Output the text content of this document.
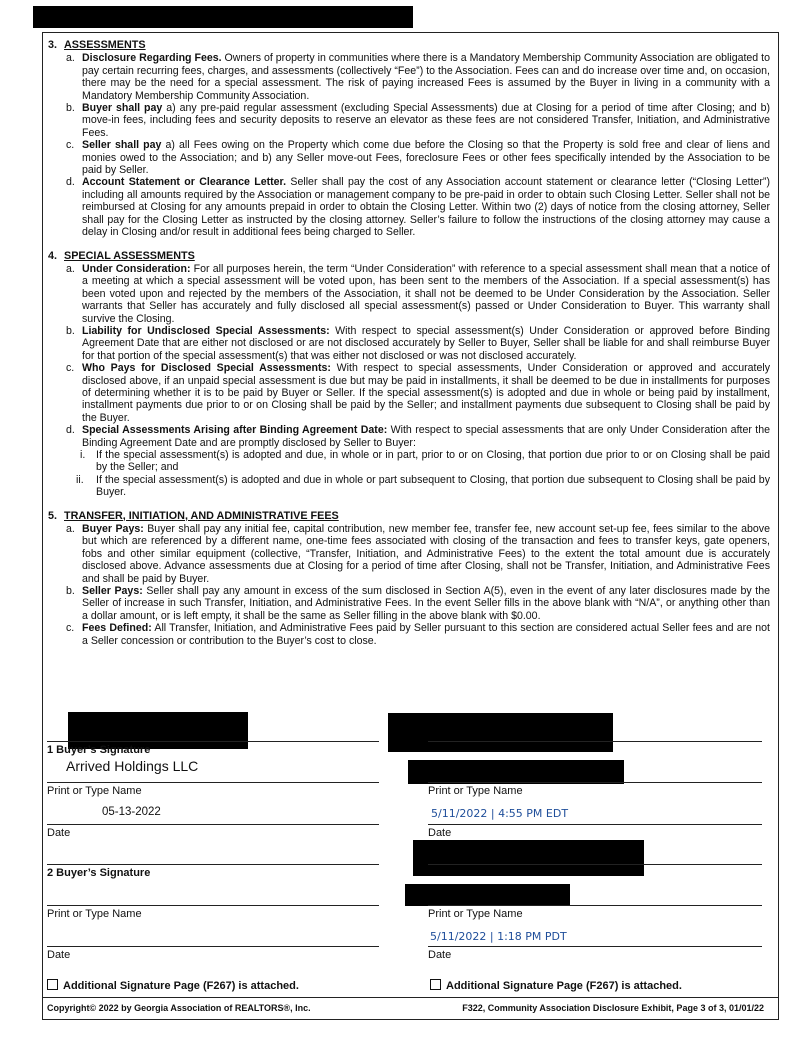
3. ASSESSMENTS
a. Disclosure Regarding Fees. Owners of property in communities where there is a Mandatory Membership Community Association are obligated to pay certain recurring fees, charges, and assessments (collectively “Fee”) to the Association. Fees can and do increase over time and, on occasion, there may be the need for a special assessment. The risk of paying increased Fees is assumed by the Buyer in living in a community with a Mandatory Membership Community Association.
b. Buyer shall pay a) any pre-paid regular assessment (excluding Special Assessments) due at Closing for a period of time after Closing; and b) move-in fees, including fees and security deposits to reserve an elevator as these fees are not considered Transfer, Initiation, and Administrative Fees.
c. Seller shall pay a) all Fees owing on the Property which come due before the Closing so that the Property is sold free and clear of liens and monies owed to the Association; and b) any Seller move-out Fees, foreclosure Fees or other fees specifically intended by the Association to be paid by Seller.
d. Account Statement or Clearance Letter. Seller shall pay the cost of any Association account statement or clearance letter (“Closing Letter”) including all amounts required by the Association or management company to be pre-paid in order to obtain such Closing Letter. Seller shall not be reimbursed at Closing for any amounts prepaid in order to obtain the Closing Letter. Within two (2) days of notice from the closing attorney, Seller shall pay for the Closing Letter as instructed by the closing attorney. Seller’s failure to follow the instructions of the closing attorney may cause a delay in Closing and/or result in additional fees being charged to Seller.
4. SPECIAL ASSESSMENTS
a. Under Consideration: For all purposes herein, the term “Under Consideration” with reference to a special assessment shall mean that a notice of a meeting at which a special assessment will be voted upon, has been sent to the members of the Association. If a special assessment(s) has been voted upon and rejected by the members of the Association, it shall not be deemed to be Under Consideration by the Association. Seller warrants that Seller has accurately and fully disclosed all special assessment(s) passed or Under Consideration to Buyer. This warranty shall survive the Closing.
b. Liability for Undisclosed Special Assessments: With respect to special assessment(s) Under Consideration or approved before Binding Agreement Date that are either not disclosed or are not disclosed accurately by Seller to Buyer, Seller shall be liable for and shall reimburse Buyer for that portion of the special assessment(s) that was either not disclosed or was not disclosed accurately.
c. Who Pays for Disclosed Special Assessments: With respect to special assessments, Under Consideration or approved and accurately disclosed above, if an unpaid special assessment is due but may be paid in installments, it shall be deemed to be due in installments for purposes of determining whether it is to be paid by Buyer or Seller. If the special assessment(s) is adopted and due in whole or being paid by installment, installment payments due prior to or on Closing shall be paid by the Seller; and installment payments due subsequent to Closing shall be paid by the Buyer.
d. Special Assessments Arising after Binding Agreement Date: With respect to special assessments that are only Under Consideration after the Binding Agreement Date and are promptly disclosed by Seller to Buyer:
i. If the special assessment(s) is adopted and due, in whole or in part, prior to or on Closing, that portion due prior to or on Closing shall be paid by the Seller; and
ii. If the special assessment(s) is adopted and due in whole or part subsequent to Closing, that portion due subsequent to Closing shall be paid by Buyer.
5. TRANSFER, INITIATION, AND ADMINISTRATIVE FEES
a. Buyer Pays: Buyer shall pay any initial fee, capital contribution, new member fee, transfer fee, new account set-up fee, fees similar to the above but which are referenced by a different name, one-time fees associated with closing of the transaction and fees to transfer keys, gate openers, fobs and other similar equipment (collective, “Transfer, Initiation, and Administrative Fees) to the extent the total amount due is accurately disclosed above. Advance assessments due at Closing for a period of time after Closing, shall not be Transfer, Initiation, and Administrative Fees and shall be paid by Buyer.
b. Seller Pays: Seller shall pay any amount in excess of the sum disclosed in Section A(5), even in the event of any later disclosures made by the Seller of increase in such Transfer, Initiation, and Administrative Fees. In the event Seller fills in the above blank with “N/A”, or anything other than a dollar amount, or is left empty, it shall be the same as Seller filling in the above blank with $0.00.
c. Fees Defined: All Transfer, Initiation, and Administrative Fees paid by Seller pursuant to this section are considered actual Seller fees and are not a Seller concession or contribution to the Buyer’s cost to close.
1 Buyer’s Signature
Arrived Holdings LLC
Print or Type Name
05-13-2022
Date
2 Buyer’s Signature
Print or Type Name
Date
Additional Signature Page (F267) is attached.
Print or Type Name
5/11/2022 | 4:55 PM EDT
Date
Print or Type Name
5/11/2022 | 1:18 PM PDT
Date
Additional Signature Page (F267) is attached.
Copyright© 2022 by Georgia Association of REALTORS®, Inc.	F322, Community Association Disclosure Exhibit, Page 3 of 3, 01/01/22
